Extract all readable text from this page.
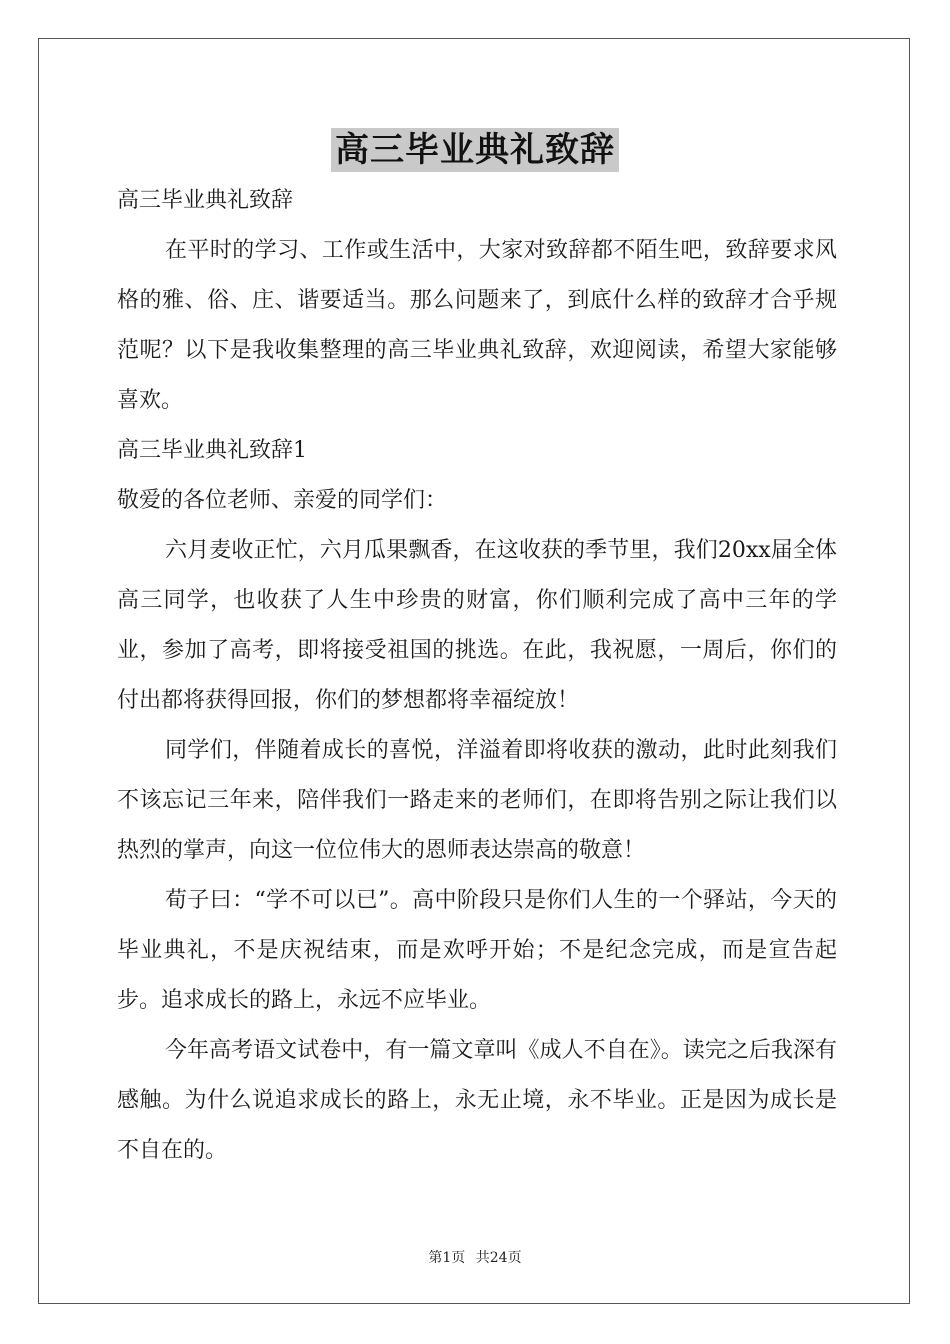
高三毕业典礼致辞

高三毕业典礼致辞

在平时的学习、工作或生活中，大家对致辞都不陌生吧，致辞要求风格的雅、俗、庄、谐要适当。那么问题来了，到底什么样的致辞才合乎规范呢？以下是我收集整理的高三毕业典礼致辞，欢迎阅读，希望大家能够喜欢。

高三毕业典礼致辞1

敬爱的各位老师、亲爱的同学们：

六月麦收正忙，六月瓜果飘香，在这收获的季节里，我们20xx届全体高三同学，也收获了人生中珍贵的财富，你们顺利完成了高中三年的学业，参加了高考，即将接受祖国的挑选。在此，我祝愿，一周后，你们的付出都将获得回报，你们的梦想都将幸福绽放！

同学们，伴随着成长的喜悦，洋溢着即将收获的激动，此时此刻我们不该忘记三年来，陪伴我们一路走来的老师们，在即将告别之际让我们以热烈的掌声，向这一位位伟大的恩师表达崇高的敬意！

荀子曰：“学不可以已”。高中阶段只是你们人生的一个驿站，今天的毕业典礼，不是庆祝结束，而是欢呼开始；不是纪念完成，而是宣告起步。追求成长的路上，永远不应毕业。

今年高考语文试卷中，有一篇文章叫《成人不自在》。读完之后我深有感触。为什么说追求成长的路上，永无止境，永不毕业。正是因为成长是不自在的。

第1页 共24页
